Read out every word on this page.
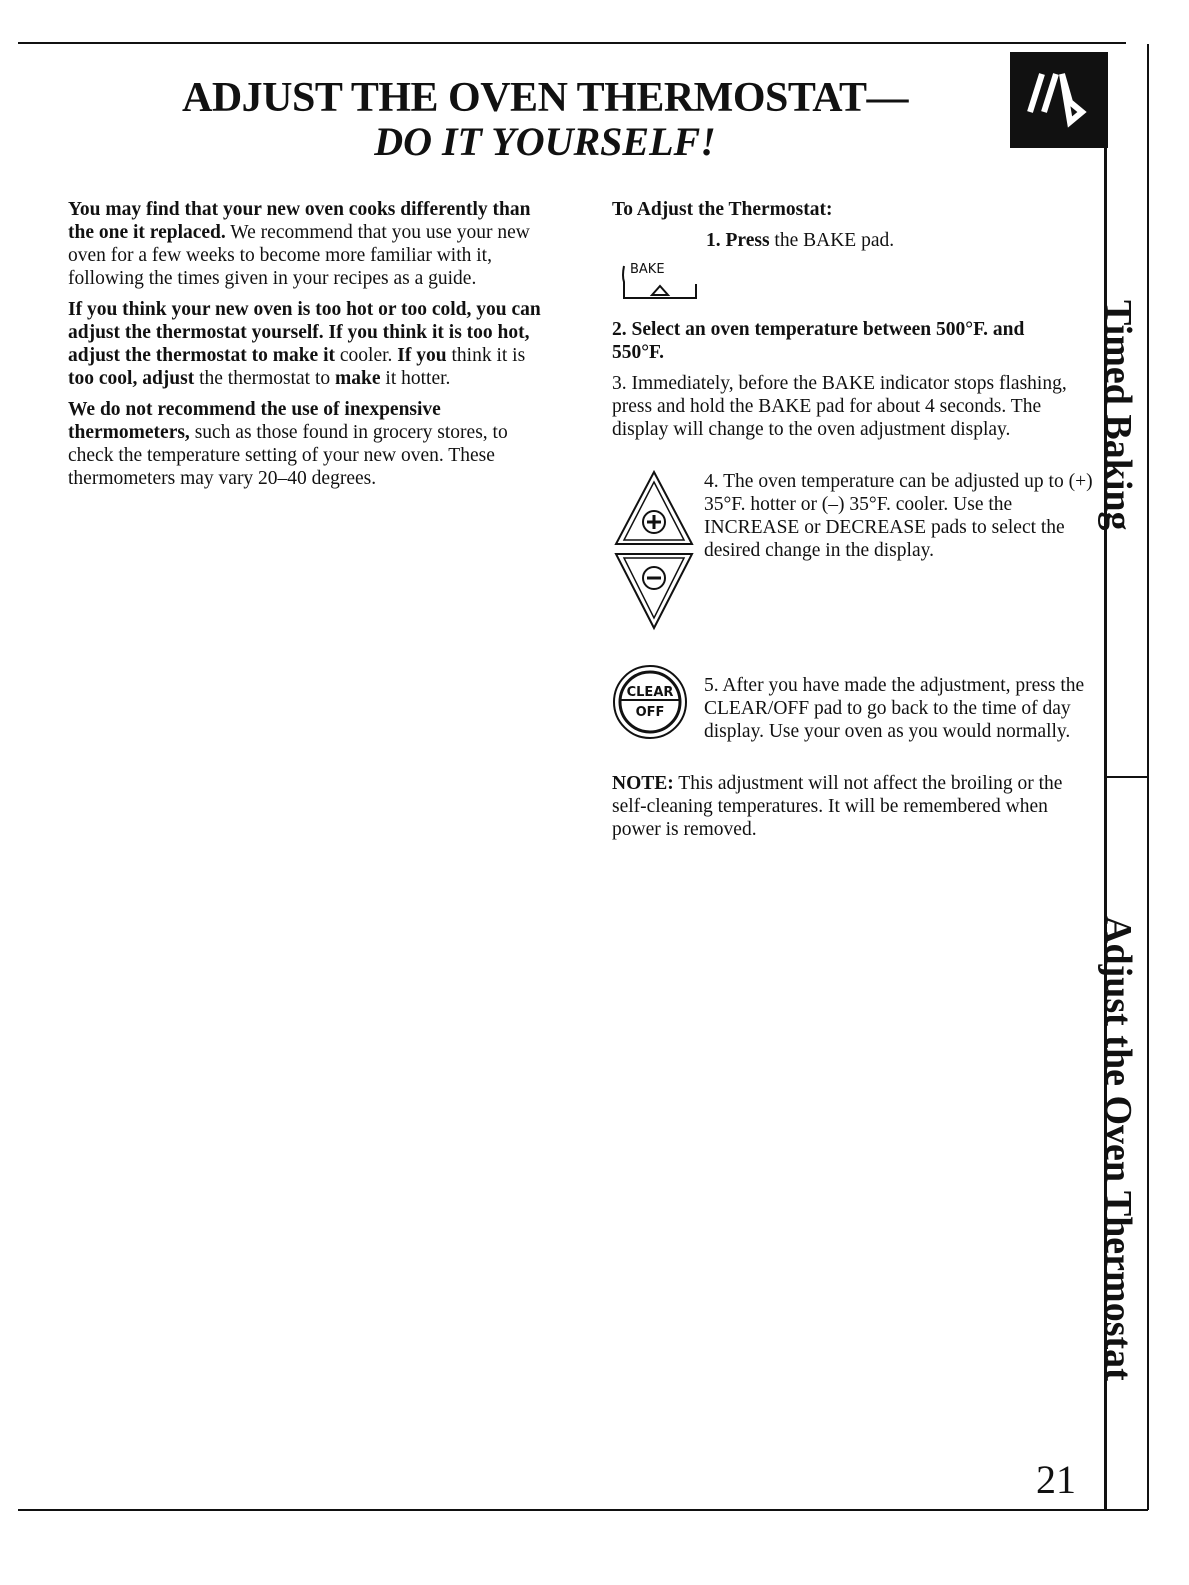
ADJUST THE OVEN THERMOSTAT—
DO IT YOURSELF!

You may find that your new oven cooks differently than the one it replaced. We recommend that you use your new oven for a few weeks to become more familiar with it, following the times given in your recipes as a guide.

If you think your new oven is too hot or too cold, you can adjust the thermostat yourself. If you think it is too hot, adjust the thermostat to make it cooler. If you think it is too cool, adjust the thermostat to make it hotter.

We do not recommend the use of inexpensive thermometers, such as those found in grocery stores, to check the temperature setting of your new oven. These thermometers may vary 20–40 degrees.

To Adjust the Thermostat:

1. Press the BAKE pad.
BAKE
2. Select an oven temperature between 500°F. and 550°F.
3. Immediately, before the BAKE indicator stops flashing, press and hold the BAKE pad for about 4 seconds. The display will change to the oven adjustment display.
4. The oven temperature can be adjusted up to (+) 35°F. hotter or (–) 35°F. cooler. Use the INCREASE or DECREASE pads to select the desired change in the display.
CLEAR
OFF
5. After you have made the adjustment, press the CLEAR/OFF pad to go back to the time of day display. Use your oven as you would normally.
NOTE: This adjustment will not affect the broiling or the self-cleaning temperatures. It will be remembered when power is removed.
Timed Baking
Adjust the Oven Thermostat
21
